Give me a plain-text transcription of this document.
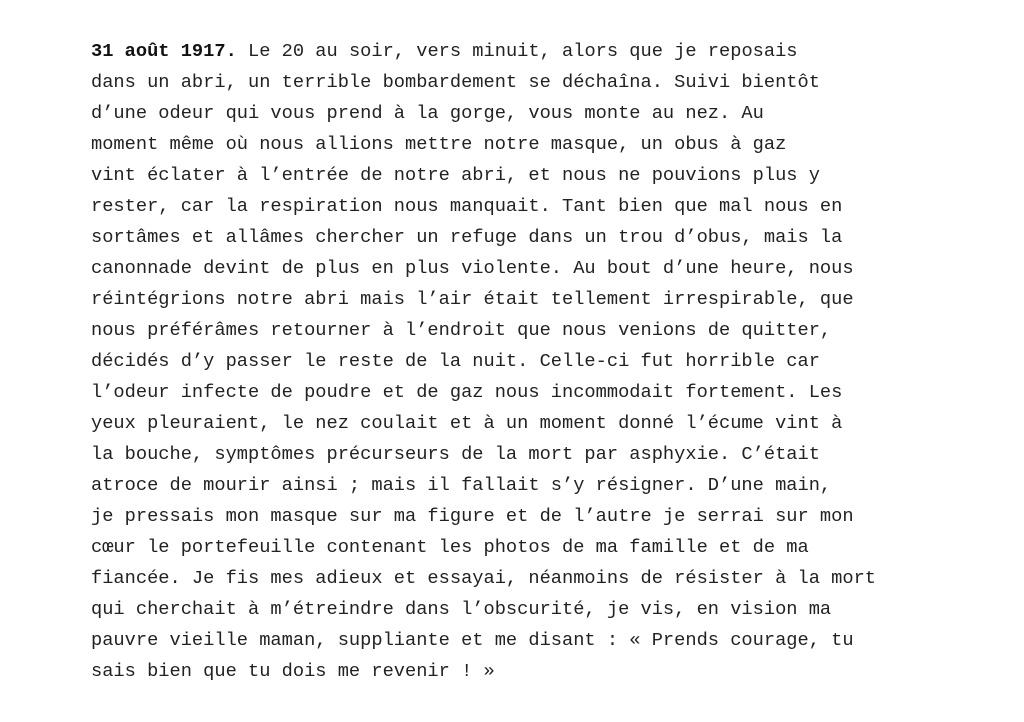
31 août 1917. Le 20 au soir, vers minuit, alors que je reposais
dans un abri, un terrible bombardement se déchaîna. Suivi bientôt
d’une odeur qui vous prend à la gorge, vous monte au nez. Au
moment même où nous allions mettre notre masque, un obus à gaz
vint éclater à l’entrée de notre abri, et nous ne pouvions plus y
rester, car la respiration nous manquait. Tant bien que mal nous en
sortâmes et allâmes chercher un refuge dans un trou d’obus, mais la
canonnade devint de plus en plus violente. Au bout d’une heure, nous
réintégrions notre abri mais l’air était tellement irrespirable, que
nous préférâmes retourner à l’endroit que nous venions de quitter,
décidés d’y passer le reste de la nuit. Celle-ci fut horrible car
l’odeur infecte de poudre et de gaz nous incommodait fortement. Les
yeux pleuraient, le nez coulait et à un moment donné l’écume vint à
la bouche, symptômes précurseurs de la mort par asphyxie. C’était
atroce de mourir ainsi ; mais il fallait s’y résigner. D’une main,
je pressais mon masque sur ma figure et de l’autre je serrai sur mon
cœur le portefeuille contenant les photos de ma famille et de ma
fiancée. Je fis mes adieux et essayai, néanmoins de résister à la mort
qui cherchait à m’étreindre dans l’obscurité, je vis, en vision ma
pauvre vieille maman, suppliante et me disant : « Prends courage, tu
sais bien que tu dois me revenir ! »
